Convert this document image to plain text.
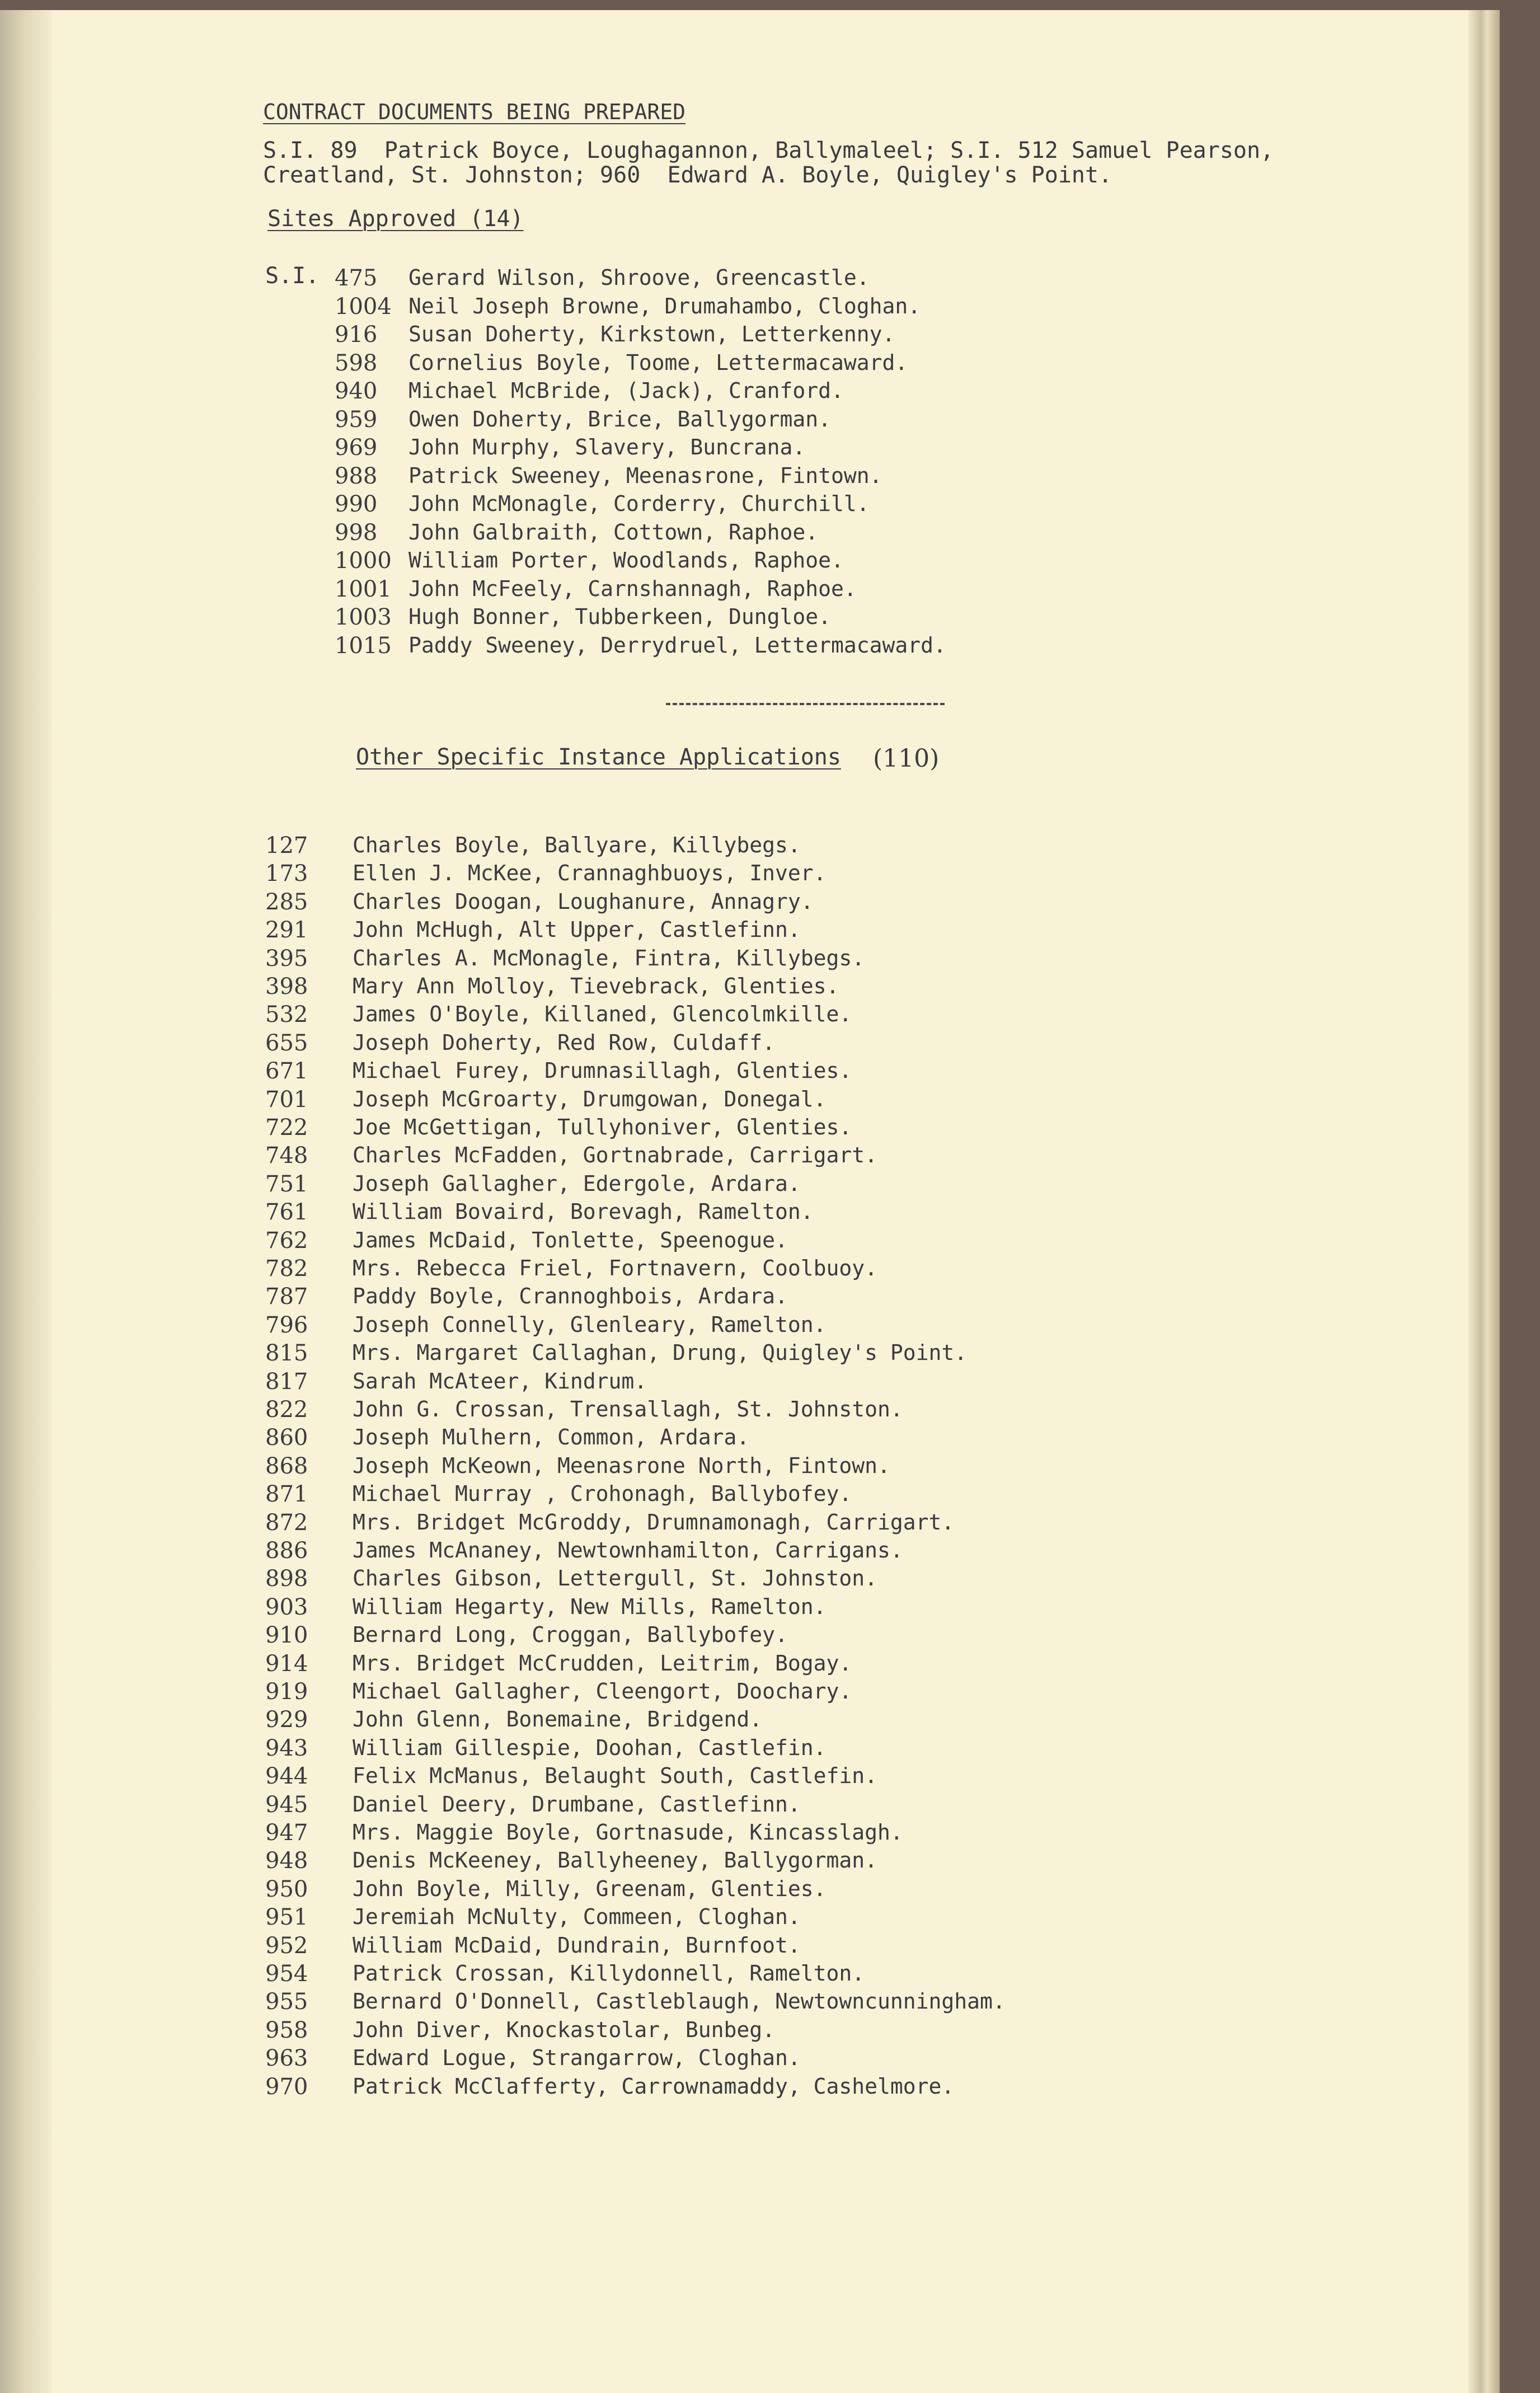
CONTRACT DOCUMENTS BEING PREPARED
S.I. 89  Patrick Boyce, Loughagannon, Ballymaleel; S.I. 512 Samuel Pearson,
Creatland, St. Johnston; 960  Edward A. Boyle, Quigley's Point.
Sites Approved (14)
S.I. 475 Gerard Wilson, Shroove, Greencastle.
1004 Neil Joseph Browne, Drumahambo, Cloghan.
916 Susan Doherty, Kirkstown, Letterkenny.
598 Cornelius Boyle, Toome, Lettermacaward.
940 Michael McBride, (Jack), Cranford.
959 Owen Doherty, Brice, Ballygorman.
969 John Murphy, Slavery, Buncrana.
988 Patrick Sweeney, Meenasrone, Fintown.
990 John McMonagle, Corderry, Churchill.
998 John Galbraith, Cottown, Raphoe.
1000 William Porter, Woodlands, Raphoe.
1001 John McFeely, Carnshannagh, Raphoe.
1003 Hugh Bonner, Tubberkeen, Dungloe.
1015 Paddy Sweeney, Derrydruel, Lettermacaward.
Other Specific Instance Applications (110)
127 Charles Boyle, Ballyare, Killybegs.
173 Ellen J. McKee, Crannaghbuoys, Inver.
285 Charles Doogan, Loughanure, Annagry.
291 John McHugh, Alt Upper, Castlefinn.
395 Charles A. McMonagle, Fintra, Killybegs.
398 Mary Ann Molloy, Tievebrack, Glenties.
532 James O'Boyle, Killaned, Glencolmkille.
655 Joseph Doherty, Red Row, Culdaff.
671 Michael Furey, Drumnasillagh, Glenties.
701 Joseph McGroarty, Drumgowan, Donegal.
722 Joe McGettigan, Tullyhoniver, Glenties.
748 Charles McFadden, Gortnabrade, Carrigart.
751 Joseph Gallagher, Edergole, Ardara.
761 William Bovaird, Borevagh, Ramelton.
762 James McDaid, Tonlette, Speenogue.
782 Mrs. Rebecca Friel, Fortnavern, Coolbuoy.
787 Paddy Boyle, Crannoghbois, Ardara.
796 Joseph Connelly, Glenleary, Ramelton.
815 Mrs. Margaret Callaghan, Drung, Quigley's Point.
817 Sarah McAteer, Kindrum.
822 John G. Crossan, Trensallagh, St. Johnston.
860 Joseph Mulhern, Common, Ardara.
868 Joseph McKeown, Meenasrone North, Fintown.
871 Michael Murray , Crohonagh, Ballybofey.
872 Mrs. Bridget McGroddy, Drumnamonagh, Carrigart.
886 James McAnaney, Newtownhamilton, Carrigans.
898 Charles Gibson, Lettergull, St. Johnston.
903 William Hegarty, New Mills, Ramelton.
910 Bernard Long, Croggan, Ballybofey.
914 Mrs. Bridget McCrudden, Leitrim, Bogay.
919 Michael Gallagher, Cleengort, Doochary.
929 John Glenn, Bonemaine, Bridgend.
943 William Gillespie, Doohan, Castlefin.
944 Felix McManus, Belaught South, Castlefin.
945 Daniel Deery, Drumbane, Castlefinn.
947 Mrs. Maggie Boyle, Gortnasude, Kincasslagh.
948 Denis McKeeney, Ballyheeney, Ballygorman.
950 John Boyle, Milly, Greenam, Glenties.
951 Jeremiah McNulty, Commeen, Cloghan.
952 William McDaid, Dundrain, Burnfoot.
954 Patrick Crossan, Killydonnell, Ramelton.
955 Bernard O'Donnell, Castleblaugh, Newtowncunningham.
958 John Diver, Knockastolar, Bunbeg.
963 Edward Logue, Strangarrow, Cloghan.
970 Patrick McClafferty, Carrownamaddy, Cashelmore.
